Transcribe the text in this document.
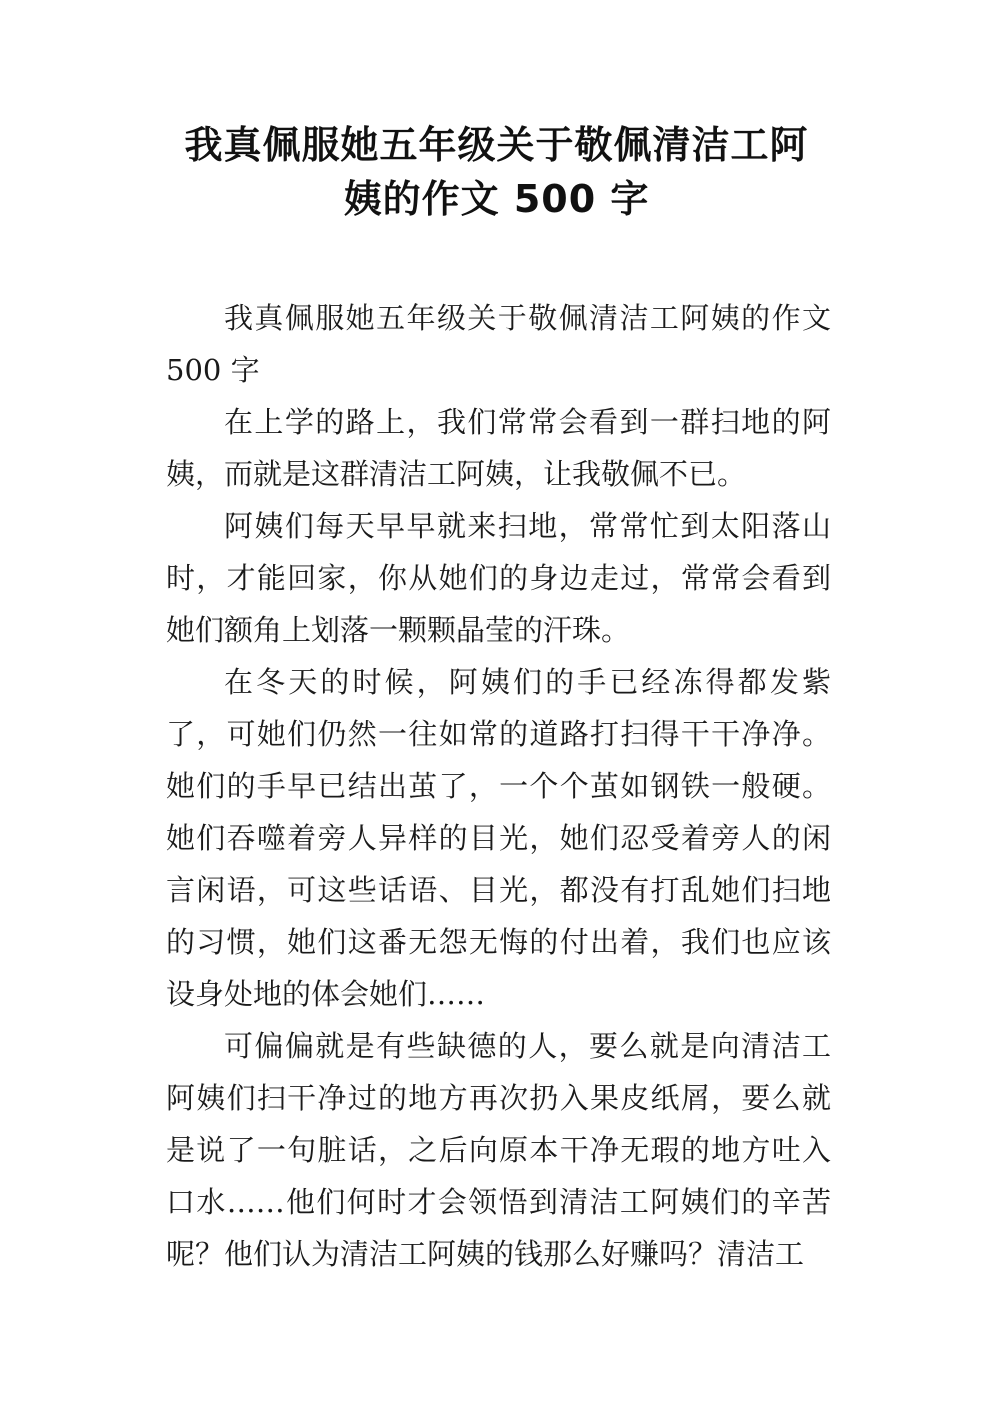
我真佩服她五年级关于敬佩清洁工阿
姨的作文 500 字

我真佩服她五年级关于敬佩清洁工阿姨的作文 500 字

在上学的路上，我们常常会看到一群扫地的阿姨，而就是这群清洁工阿姨，让我敬佩不已。

阿姨们每天早早就来扫地，常常忙到太阳落山时，才能回家，你从她们的身边走过，常常会看到她们额角上划落一颗颗晶莹的汗珠。

在冬天的时候，阿姨们的手已经冻得都发紫了，可她们仍然一往如常的道路打扫得干干净净。她们的手早已结出茧了，一个个茧如钢铁一般硬。她们吞噬着旁人异样的目光，她们忍受着旁人的闲言闲语，可这些话语、目光，都没有打乱她们扫地的习惯，她们这番无怨无悔的付出着，我们也应该设身处地的体会她们……

可偏偏就是有些缺德的人，要么就是向清洁工阿姨们扫干净过的地方再次扔入果皮纸屑，要么就是说了一句脏话，之后向原本干净无瑕的地方吐入口水……他们何时才会领悟到清洁工阿姨们的辛苦呢？他们认为清洁工阿姨的钱那么好赚吗？清洁工
